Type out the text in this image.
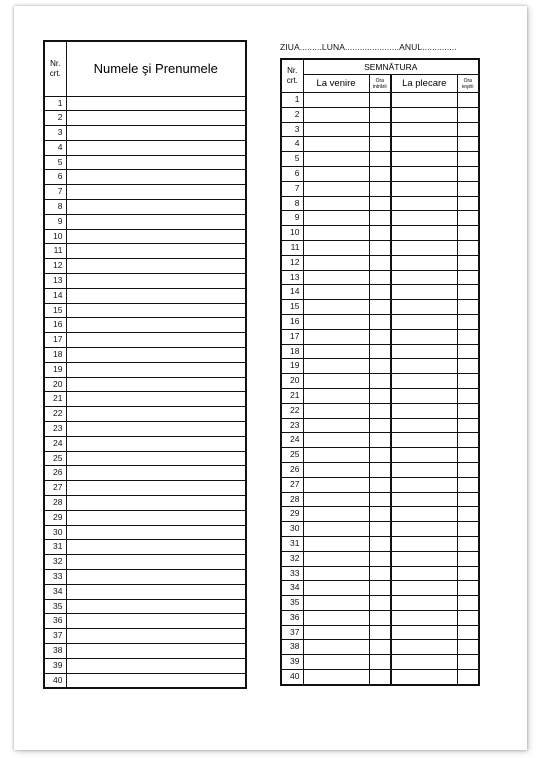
ZIUA.........LUNA......................ANUL..............
Nr.
crt.	Numele şi Prenumele
1	
2	
3	
4	
5	
6	
7	
8	
9	
10	
11	
12	
13	
14	
15	
16	
17	
18	
19	
20	
21	
22	
23	
24	
25	
26	
27	
28	
29	
30	
31	
32	
33	
34	
35	
36	
37	
38	
39	
40	
Nr.
crt.	SEMNĂTURA			
	La venire	Ora
intrării	La plecare	Ora
ieşirii
1				
2				
3				
4				
5				
6				
7				
8				
9				
10				
11				
12				
13				
14				
15				
16				
17				
18				
19				
20				
21				
22				
23				
24				
25				
26				
27				
28				
29				
30				
31				
32				
33				
34				
35				
36				
37				
38				
39				
40				
